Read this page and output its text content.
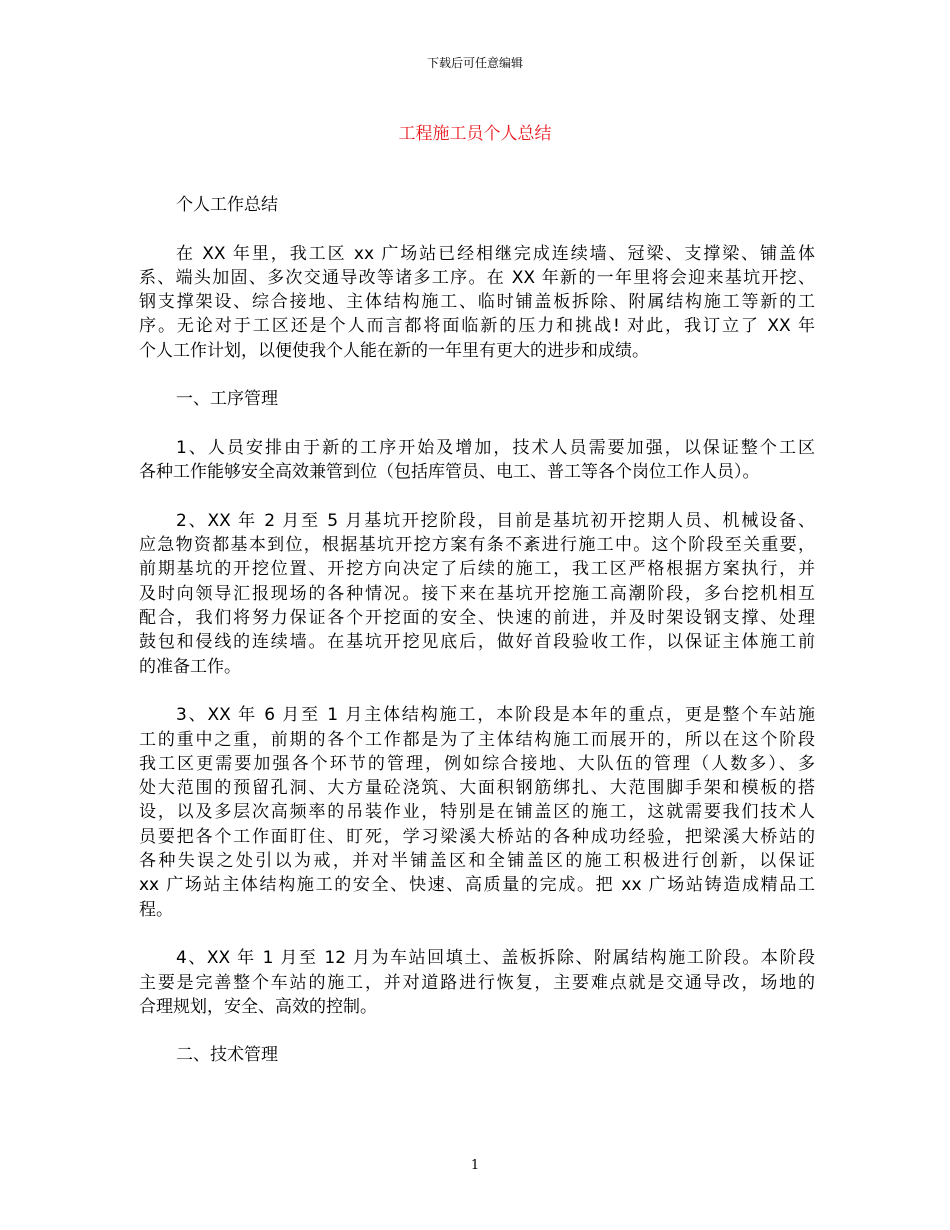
下载后可任意编辑
工程施工员个人总结
个人工作总结
在 XX 年里，我工区 xx 广场站已经相继完成连续墙、冠梁、支撑梁、铺盖体
系、端头加固、多次交通导改等诸多工序。在 XX 年新的一年里将会迎来基坑开挖、
钢支撑架设、综合接地、主体结构施工、临时铺盖板拆除、附属结构施工等新的工
序。无论对于工区还是个人而言都将面临新的压力和挑战! 对此，我订立了 XX 年
个人工作计划，以便使我个人能在新的一年里有更大的进步和成绩。
一、工序管理
1、人员安排由于新的工序开始及增加，技术人员需要加强，以保证整个工区
各种工作能够安全高效兼管到位（包括库管员、电工、普工等各个岗位工作人员）。
2、XX 年 2 月至 5 月基坑开挖阶段，目前是基坑初开挖期人员、机械设备、
应急物资都基本到位，根据基坑开挖方案有条不紊进行施工中。这个阶段至关重要，
前期基坑的开挖位置、开挖方向决定了后续的施工，我工区严格根据方案执行，并
及时向领导汇报现场的各种情况。接下来在基坑开挖施工高潮阶段，多台挖机相互
配合，我们将努力保证各个开挖面的安全、快速的前进，并及时架设钢支撑、处理
鼓包和侵线的连续墙。在基坑开挖见底后，做好首段验收工作，以保证主体施工前
的准备工作。
3、XX 年 6 月至 1 月主体结构施工，本阶段是本年的重点，更是整个车站施
工的重中之重，前期的各个工作都是为了主体结构施工而展开的，所以在这个阶段
我工区更需要加强各个环节的管理，例如综合接地、大队伍的管理（人数多）、多
处大范围的预留孔洞、大方量砼浇筑、大面积钢筋绑扎、大范围脚手架和模板的搭
设，以及多层次高频率的吊装作业，特别是在铺盖区的施工，这就需要我们技术人
员要把各个工作面盯住、盯死，学习梁溪大桥站的各种成功经验，把梁溪大桥站的
各种失误之处引以为戒，并对半铺盖区和全铺盖区的施工积极进行创新，以保证
xx 广场站主体结构施工的安全、快速、高质量的完成。把 xx 广场站铸造成精品工
程。
4、XX 年 1 月至 12 月为车站回填土、盖板拆除、附属结构施工阶段。本阶段
主要是完善整个车站的施工，并对道路进行恢复，主要难点就是交通导改，场地的
合理规划，安全、高效的控制。
二、技术管理
1
